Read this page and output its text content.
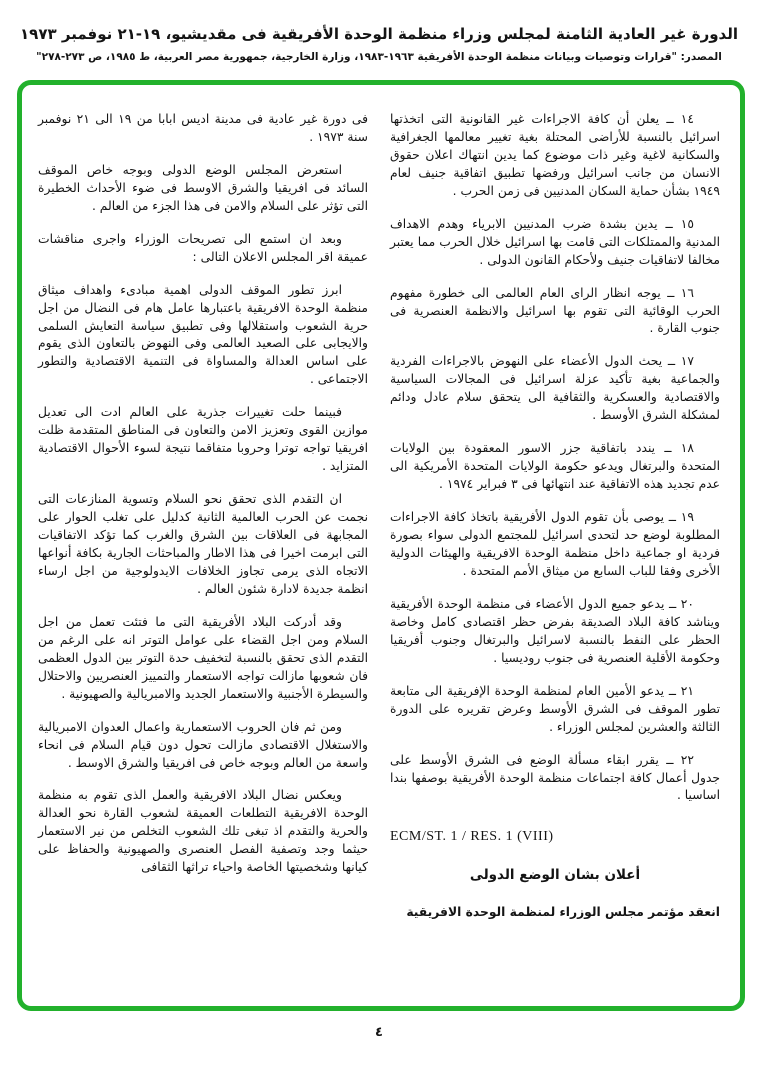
الدورة غير العادية الثامنة لمجلس وزراء منظمة الوحدة الأفريقية فى مقديشيو، ١٩-٢١ نوفمبر ١٩٧٣
المصدر: "قرارات وتوصيات وبيانات منظمة الوحدة الأفريقية ١٩٦٣-١٩٨٣، وزارة الخارجية، جمهورية مصر العربية، ط ١٩٨٥، ص ٢٧٣-٢٧٨"

١٤ ــ يعلن أن كافة الاجراءات غير القانونية التى اتخذتها اسرائيل بالنسبة للأراضى المحتلة بغية تغيير معالمها الجغرافية والسكانية لاغية وغير ذات موضوع كما يدين انتهاك اعلان حقوق الانسان من جانب اسرائيل ورفضها تطبيق اتفاقية جنيف لعام ١٩٤٩ بشأن حماية السكان المدنيين فى زمن الحرب .

١٥ ــ يدين بشدة ضرب المدنيين الابرياء وهدم الاهداف المدنية والممتلكات التى قامت بها اسرائيل خلال الحرب مما يعتبر مخالفا لاتفاقيات جنيف ولأحكام القانون الدولى .

١٦ ــ يوجه انظار الراى العام العالمى الى خطورة مفهوم الحرب الوقائية التى تقوم بها اسرائيل والانظمة العنصرية فى جنوب القارة .

١٧ ــ يحث الدول الأعضاء على النهوض بالاجراءات الفردية والجماعية بغية تأكيد عزلة اسرائيل فى المجالات السياسية والاقتصادية والعسكرية والثقافية الى يتحقق سلام عادل ودائم لمشكلة الشرق الأوسط .

١٨ ــ يندد باتفاقية جزر الاسور المعقودة بين الولايات المتحدة والبرتغال ويدعو حكومة الولايات المتحدة الأمريكية الى عدم تجديد هذه الاتفاقية عند انتهائها فى ٣ فبراير ١٩٧٤ .

١٩ ــ يوصى بأن تقوم الدول الأفريقية باتخاذ كافة الاجراءات المطلوبة لوضع حد لتحدى اسرائيل للمجتمع الدولى سواء بصورة فردية او جماعية داخل منظمة الوحدة الافريقية والهيئات الدولية الأخرى وفقا للباب السابع من ميثاق الأمم المتحدة .

٢٠ ــ يدعو جميع الدول الأعضاء فى منظمة الوحدة الأفريقية ويناشد كافة البلاد الصديقة بفرض حظر اقتصادى كامل وخاصة الحظر على النفط بالنسبة لاسرائيل والبرتغال وجنوب أفريقيا وحكومة الأقلية العنصرية فى جنوب روديسيا .

٢١ ــ يدعو الأمين العام لمنظمة الوحدة الإفريقية الى متابعة تطور الموقف فى الشرق الأوسط وعرض تقريره على الدورة الثالثة والعشرين لمجلس الوزراء .

٢٢ ــ يقرر ابقاء مسألة الوضع فى الشرق الأوسط على جدول أعمال كافة اجتماعات منظمة الوحدة الأفريقية بوصفها بندا اساسيا .

ECM/ST. 1 / RES. 1 (VIII)

أعلان بشان الوضع الدولى

انعقد مؤتمر مجلس الوزراء لمنظمة الوحدة الافريقية

فى دورة غير عادية فى مدينة اديس ابابا من ١٩ الى ٢١ نوفمبر سنة ١٩٧٣ .

استعرض المجلس الوضع الدولى وبوجه خاص الموقف السائد فى افريقيا والشرق الاوسط فى ضوء الأحداث الخطيرة التى تؤثر على السلام والامن فى هذا الجزء من العالم .

وبعد ان استمع الى تصريحات الوزراء واجرى مناقشات عميقة اقر المجلس الاعلان التالى :

ابرز تطور الموقف الدولى اهمية مبادىء واهداف ميثاق منظمة الوحدة الافريقية باعتبارها عامل هام فى النضال من اجل حرية الشعوب واستقلالها وفى تطبيق سياسة التعايش السلمى والايجابى على الصعيد العالمى وفى النهوض بالتعاون الذى يقوم على اساس العدالة والمساواة فى التنمية الاقتصادية والتطور الاجتماعى .

فبينما حلت تغييرات جذرية على العالم ادت الى تعديل موازين القوى وتعزيز الامن والتعاون فى المناطق المتقدمة ظلت افريقيا تواجه توترا وحروبا متفاقما نتيجة لسوء الأحوال الاقتصادية المتزايد .

ان التقدم الذى تحقق نحو السلام وتسوية المنازعات التى نجمت عن الحرب العالمية الثانية كدليل على تغلب الحوار على المجابهة فى العلاقات بين الشرق والغرب كما تؤكد الاتفاقيات التى ابرمت اخيرا فى هذا الاطار والمباحثات الجارية بكافة أنواعها الاتجاه الذى يرمى تجاوز الخلافات الايدولوجية من اجل ارساء انظمة جديدة لادارة شئون العالم .

وقد أدركت البلاد الأفريقية التى ما فتئت تعمل من اجل السلام ومن اجل القضاء على عوامل التوتر انه على الرغم من التقدم الذى تحقق بالنسبة لتخفيف حدة التوتر بين الدول العظمى فان شعوبها مازالت تواجه الاستعمار والتمييز العنصريين والاحتلال والسيطرة الأجنبية والاستعمار الجديد والامبريالية والصهيونية .

ومن ثم فان الحروب الاستعمارية واعمال العدوان الامبريالية والاستغلال الاقتصادى مازالت تحول دون قيام السلام فى انحاء واسعة من العالم وبوجه خاص فى افريقيا والشرق الاوسط .

ويعكس نضال البلاد الافريقية والعمل الذى تقوم به منظمة الوحدة الافريقية التطلعات العميقة لشعوب القارة نحو العدالة والحرية والتقدم اذ تبغى تلك الشعوب التخلص من نير الاستعمار حيثما وجد وتصفية الفصل العنصرى والصهيونية والحفاظ على كيانها وشخصيتها الخاصة واحياء تراثها الثقافى

٤
